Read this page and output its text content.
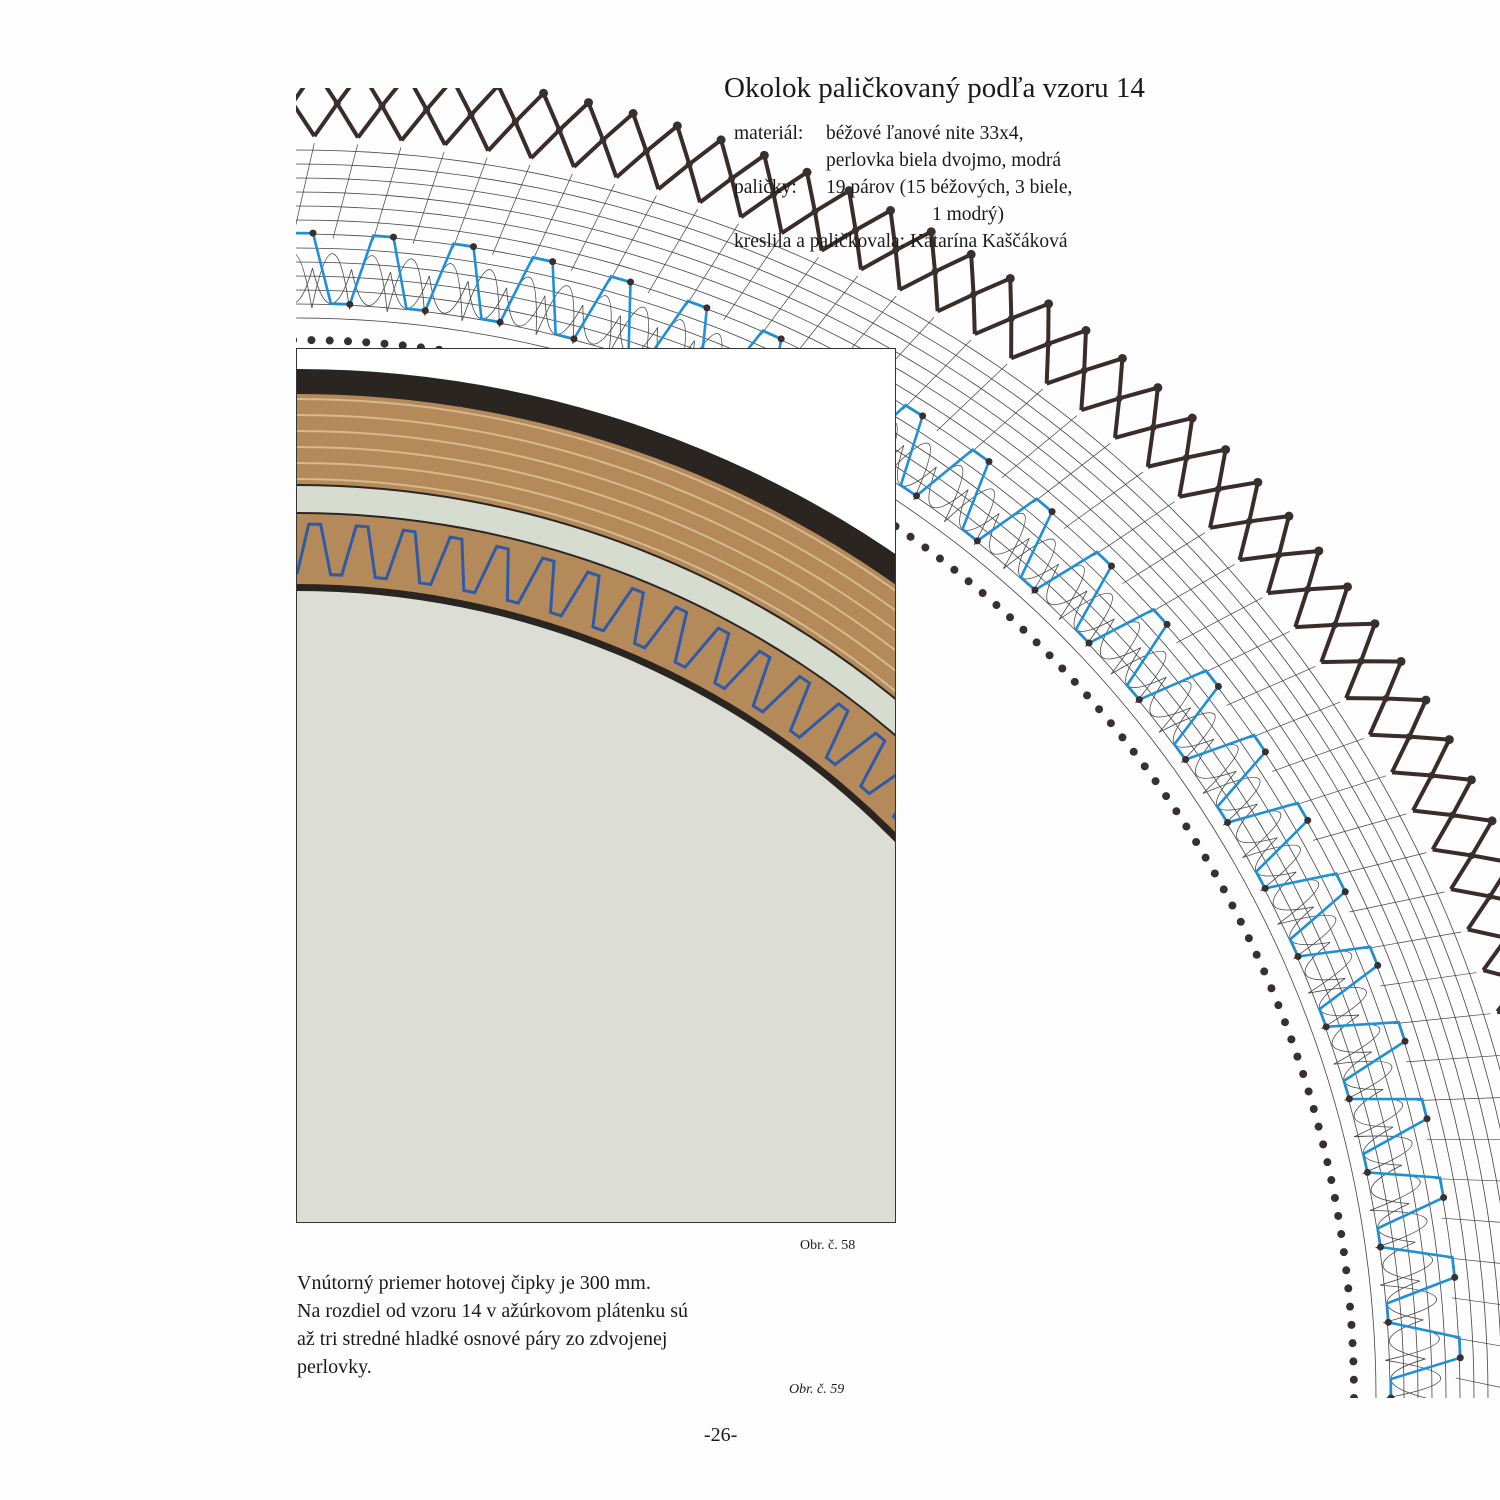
Okolok paličkovaný podľa vzoru 14
materiál: béžové ľanové nite 33x4,
perlovka biela dvojmo, modrá
paličky: 19 párov (15 béžových, 3 biele,
1 modrý)
kreslila a paličkovala: Katarína Kaščáková
Obr. č. 58
Obr. č. 59
Vnútorný priemer hotovej čipky je 300 mm.
Na rozdiel od vzoru 14 v ažúrkovom plátenku sú
až tri stredné hladké osnové páry zo zdvojenej
perlovky.
-26-
